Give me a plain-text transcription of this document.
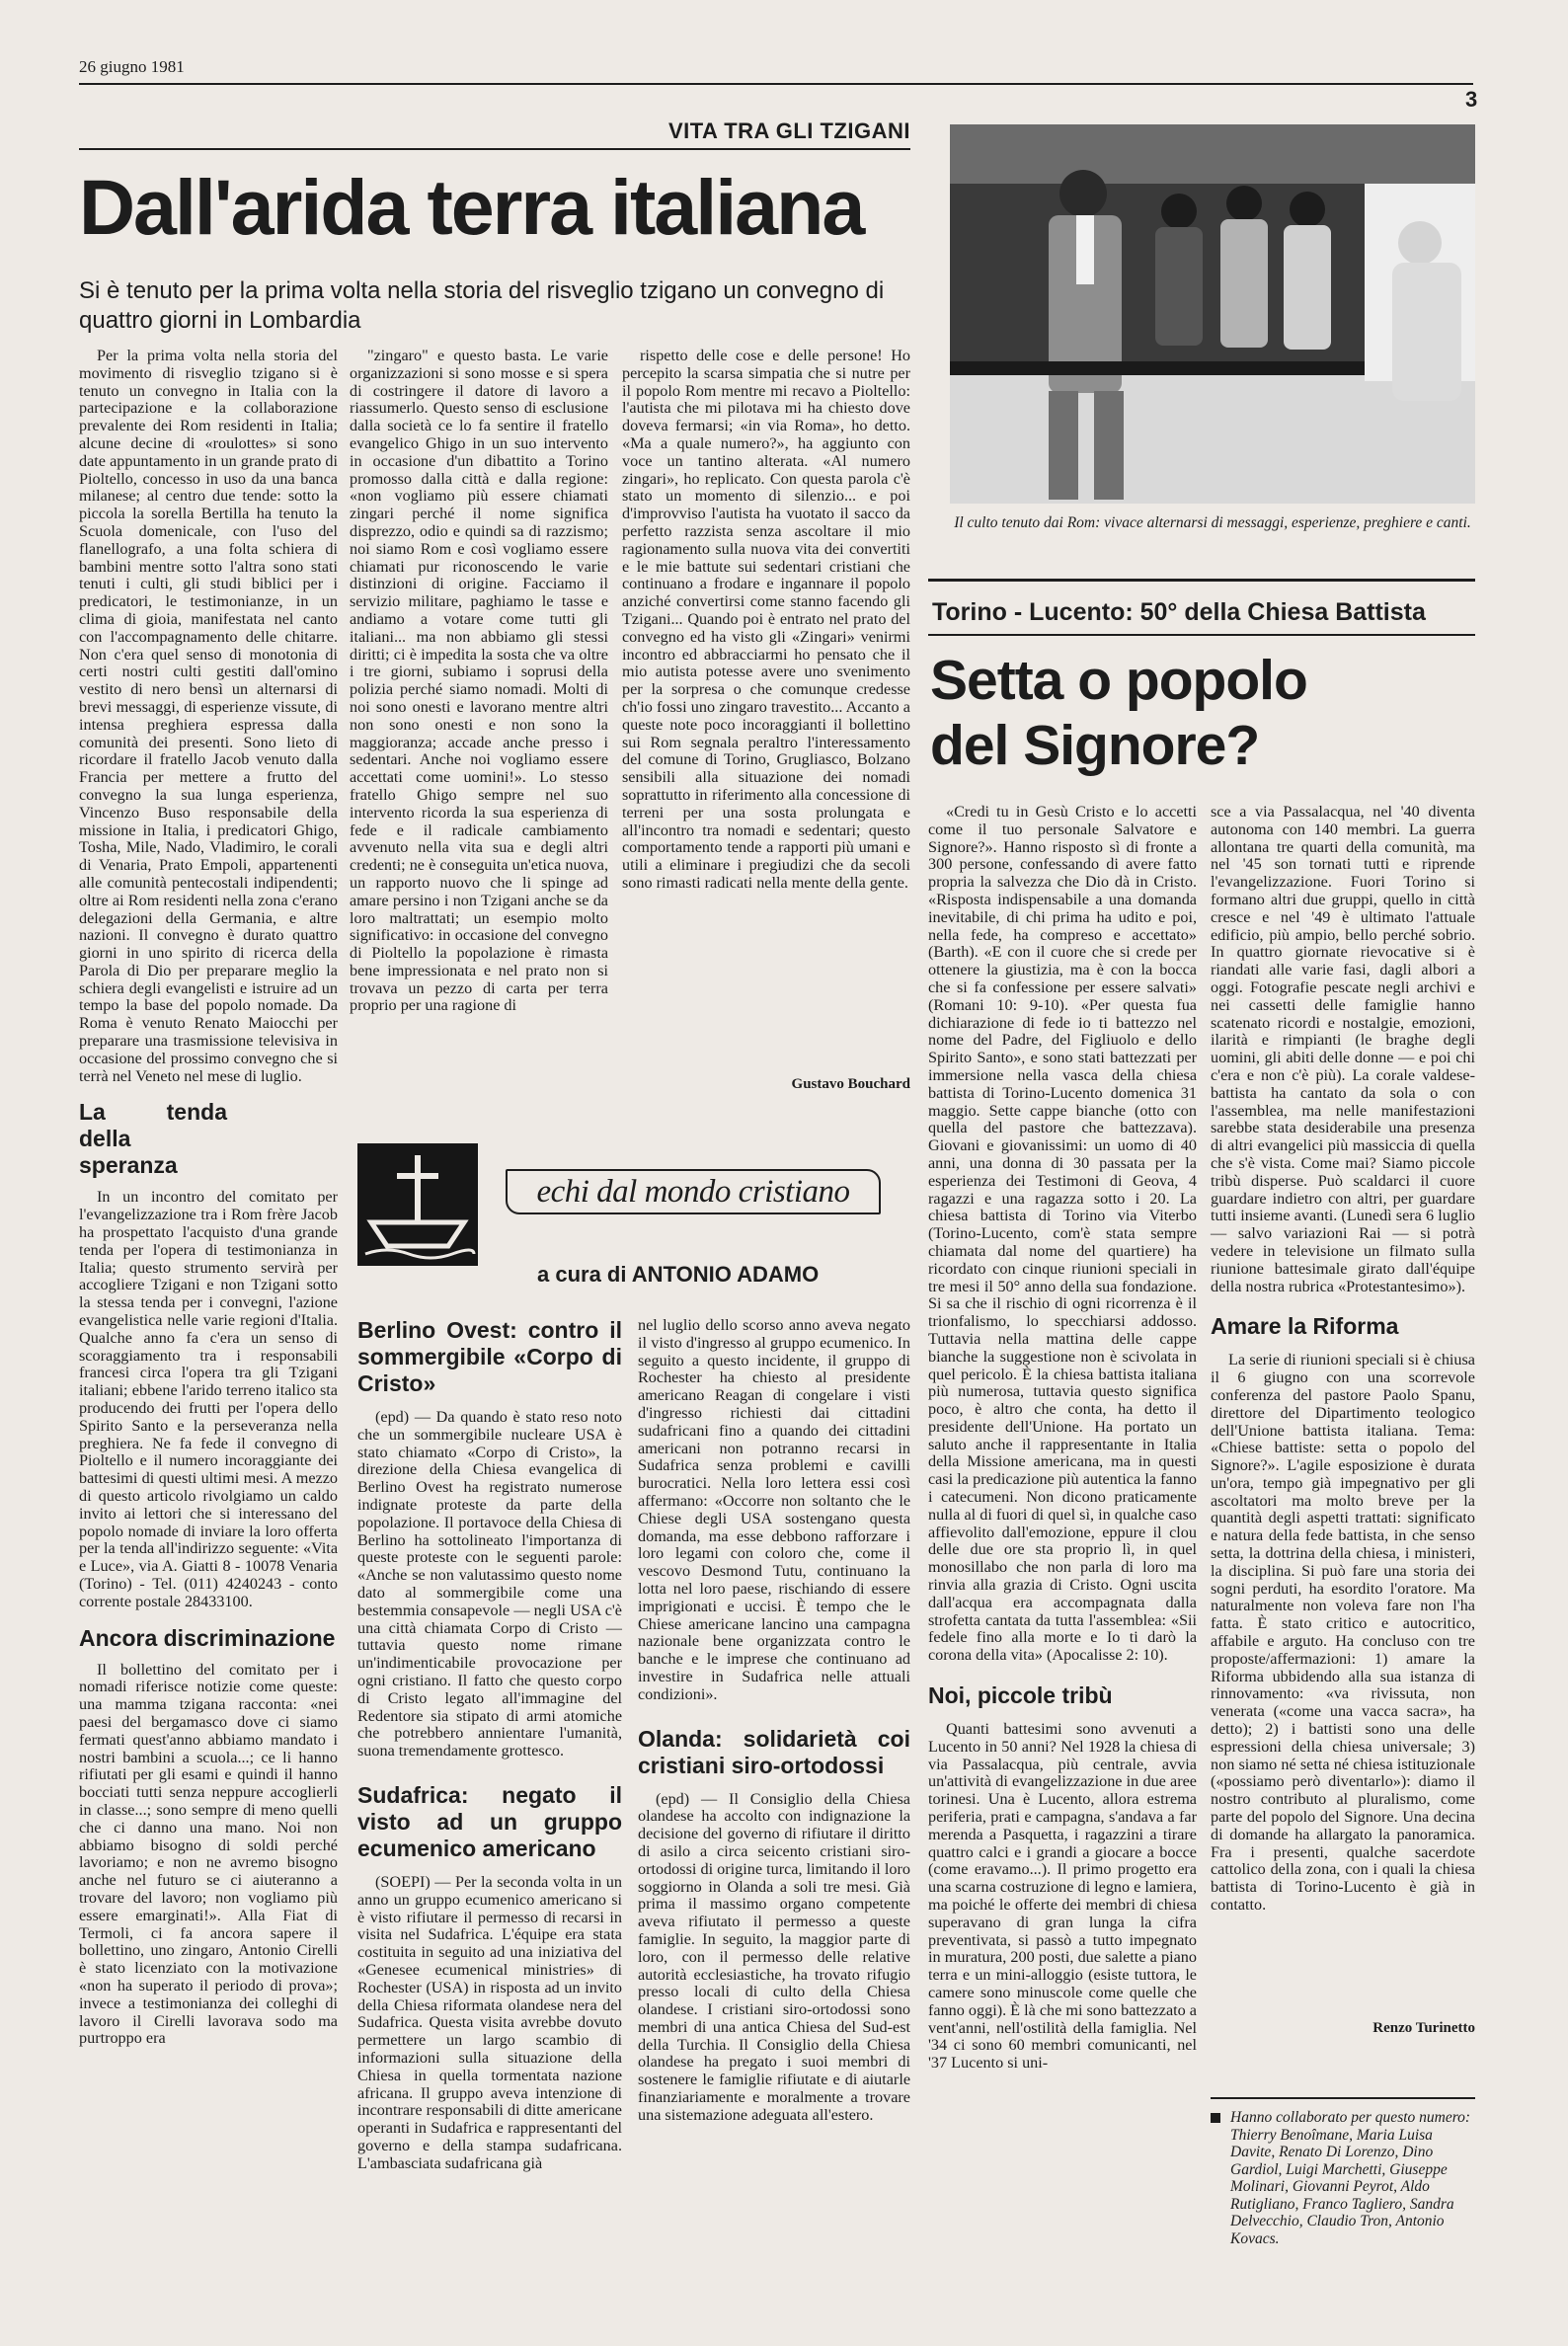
26 giugno 1981
3
VITA TRA GLI TZIGANI
Dall'arida terra italiana
Si è tenuto per la prima volta nella storia del risveglio tzigano un convegno di quattro giorni in Lombardia
Il culto tenuto dai Rom: vivace alternarsi di messaggi, esperienze, preghiere e canti.

Per la prima volta nella storia del movimento di risveglio tzigano si è tenuto un convegno in Italia con la partecipazione e la collaborazione prevalente dei Rom residenti in Italia; alcune decine di «roulottes» si sono date appuntamento in un grande prato di Pioltello, concesso in uso da una banca milanese; al centro due tende: sotto la piccola la sorella Bertilla ha tenuto la Scuola domenicale, con l'uso del flanellografo, a una folta schiera di bambini mentre sotto l'altra sono stati tenuti i culti, gli studi biblici per i predicatori, le testimonianze, in un clima di gioia, manifestata nel canto con l'accompagnamento delle chitarre. Non c'era quel senso di monotonia di certi nostri culti gestiti dall'omino vestito di nero bensì un alternarsi di brevi messaggi, di esperienze vissute, di intensa preghiera espressa dalla comunità dei presenti. Sono lieto di ricordare il fratello Jacob venuto dalla Francia per mettere a frutto del convegno la sua lunga esperienza, Vincenzo Buso responsabile della missione in Italia, i predicatori Ghigo, Tosha, Mile, Nado, Vladimiro, le corali di Venaria, Prato Empoli, appartenenti alle comunità pentecostali indipendenti; oltre ai Rom residenti nella zona c'erano delegazioni della Germania, e altre nazioni. Il convegno è durato quattro giorni in uno spirito di ricerca della Parola di Dio per preparare meglio la schiera degli evangelisti e istruire ad un tempo la base del popolo nomade. Da Roma è venuto Renato Maiocchi per preparare una trasmissione televisiva in occasione del prossimo convegno che si terrà nel Veneto nel mese di luglio.

La tenda della speranza

In un incontro del comitato per l'evangelizzazione tra i Rom frère Jacob ha prospettato l'acquisto d'una grande tenda per l'opera di testimonianza in Italia; questo strumento servirà per accogliere Tzigani e non Tzigani sotto la stessa tenda per i convegni, l'azione evangelistica nelle varie regioni d'Italia. Qualche anno fa c'era un senso di scoraggiamento tra i responsabili francesi circa l'opera tra gli Tzigani italiani; ebbene l'arido terreno italico sta producendo dei frutti per l'opera dello Spirito Santo e la perseveranza nella preghiera. Ne fa fede il convegno di Pioltello e il numero incoraggiante dei battesimi di questi ultimi mesi. A mezzo di questo articolo rivolgiamo un caldo invito ai lettori che si interessano del popolo nomade di inviare la loro offerta per la tenda all'indirizzo seguente: «Vita e Luce», via A. Giatti 8 - 10078 Venaria (Torino) - Tel. (011) 4240243 - conto corrente postale 28433100.

Ancora discriminazione

Il bollettino del comitato per i nomadi riferisce notizie come queste: una mamma tzigana racconta: «nei paesi del bergamasco dove ci siamo fermati quest'anno abbiamo mandato i nostri bambini a scuola...; ce li hanno rifiutati per gli esami e quindi il hanno bocciati tutti senza neppure accoglierli in classe...; sono sempre di meno quelli che ci danno una mano. Noi non abbiamo bisogno di soldi perché lavoriamo; e non ne avremo bisogno anche nel futuro se ci aiuteranno a trovare del lavoro; non vogliamo più essere emarginati!». Alla Fiat di Termoli, ci fa ancora sapere il bollettino, uno zingaro, Antonio Cirelli è stato licenziato con la motivazione «non ha superato il periodo di prova»; invece a testimonianza dei colleghi di lavoro il Cirelli lavorava sodo ma purtroppo era

"zingaro" e questo basta. Le varie organizzazioni si sono mosse e si spera di costringere il datore di lavoro a riassumerlo. Questo senso di esclusione dalla società ce lo fa sentire il fratello evangelico Ghigo in un suo intervento in occasione d'un dibattito a Torino promosso dalla città e dalla regione: «non vogliamo più essere chiamati zingari perché il nome significa disprezzo, odio e quindi sa di razzismo; noi siamo Rom e così vogliamo essere chiamati pur riconoscendo le varie distinzioni di origine. Facciamo il servizio militare, paghiamo le tasse e andiamo a votare come tutti gli italiani... ma non abbiamo gli stessi diritti; ci è impedita la sosta che va oltre i tre giorni, subiamo i soprusi della polizia perché siamo nomadi. Molti di noi sono onesti e lavorano mentre altri non sono onesti e non sono la maggioranza; accade anche presso i sedentari. Anche noi vogliamo essere accettati come uomini!». Lo stesso fratello Ghigo sempre nel suo intervento ricorda la sua esperienza di fede e il radicale cambiamento avvenuto nella vita sua e degli altri credenti; ne è conseguita un'etica nuova, un rapporto nuovo che li spinge ad amare persino i non Tzigani anche se da loro maltrattati; un esempio molto significativo: in occasione del convegno di Pioltello la popolazione è rimasta bene impressionata e nel prato non si trovava un pezzo di carta per terra proprio per una ragione di

rispetto delle cose e delle persone! Ho percepito la scarsa simpatia che si nutre per il popolo Rom mentre mi recavo a Pioltello: l'autista che mi pilotava mi ha chiesto dove doveva fermarsi; «in via Roma», ho detto. «Ma a quale numero?», ha aggiunto con voce un tantino alterata. «Al numero zingari», ho replicato. Con questa parola c'è stato un momento di silenzio... e poi d'improvviso l'autista ha vuotato il sacco da perfetto razzista senza ascoltare il mio ragionamento sulla nuova vita dei convertiti e le mie battute sui sedentari cristiani che continuano a frodare e ingannare il popolo anziché convertirsi come stanno facendo gli Tzigani... Quando poi è entrato nel prato del convegno ed ha visto gli «Zingari» venirmi incontro ed abbracciarmi ho pensato che il mio autista potesse avere uno svenimento per la sorpresa o che comunque credesse ch'io fossi uno zingaro travestito... Accanto a queste note poco incoraggianti il bollettino sui Rom segnala peraltro l'interessamento del comune di Torino, Grugliasco, Bolzano sensibili alla situazione dei nomadi soprattutto in riferimento alla concessione di terreni per una sosta prolungata e all'incontro tra nomadi e sedentari; questo comportamento tende a rapporti più umani e utili a eliminare i pregiudizi che da secoli sono rimasti radicati nella mente della gente.

Gustavo Bouchard
echi dal mondo cristiano
a cura di ANTONIO ADAMO
Berlino Ovest: contro il sommergibile «Corpo di Cristo»

(epd) — Da quando è stato reso noto che un sommergibile nucleare USA è stato chiamato «Corpo di Cristo», la direzione della Chiesa evangelica di Berlino Ovest ha registrato numerose indignate proteste da parte della popolazione. Il portavoce della Chiesa di Berlino ha sottolineato l'importanza di queste proteste con le seguenti parole: «Anche se non valutassimo questo nome dato al sommergibile come una bestemmia consapevole — negli USA c'è una città chiamata Corpo di Cristo — tuttavia questo nome rimane un'indimenticabile provocazione per ogni cristiano. Il fatto che questo corpo di Cristo legato all'immagine del Redentore sia stipato di armi atomiche che potrebbero annientare l'umanità, suona tremendamente grottesco.

Sudafrica: negato il visto ad un gruppo ecumenico americano

(SOEPI) — Per la seconda volta in un anno un gruppo ecumenico americano si è visto rifiutare il permesso di recarsi in visita nel Sudafrica. L'équipe era stata costituita in seguito ad una iniziativa del «Genesee ecumenical ministries» di Rochester (USA) in risposta ad un invito della Chiesa riformata olandese nera del Sudafrica. Questa visita avrebbe dovuto permettere un largo scambio di informazioni sulla situazione della Chiesa in quella tormentata nazione africana. Il gruppo aveva intenzione di incontrare responsabili di ditte americane operanti in Sudafrica e rappresentanti del governo e della stampa sudafricana. L'ambasciata sudafricana già

nel luglio dello scorso anno aveva negato il visto d'ingresso al gruppo ecumenico. In seguito a questo incidente, il gruppo di Rochester ha chiesto al presidente americano Reagan di congelare i visti d'ingresso richiesti dai cittadini sudafricani fino a quando dei cittadini americani non potranno recarsi in Sudafrica senza problemi e cavilli burocratici. Nella loro lettera essi così affermano: «Occorre non soltanto che le Chiese degli USA sostengano questa domanda, ma esse debbono rafforzare i loro legami con coloro che, come il vescovo Desmond Tutu, continuano la lotta nel loro paese, rischiando di essere imprigionati e uccisi. È tempo che le Chiese americane lancino una campagna nazionale bene organizzata contro le banche e le imprese che continuano ad investire in Sudafrica nelle attuali condizioni».

Olanda: solidarietà coi cristiani siro-ortodossi

(epd) — Il Consiglio della Chiesa olandese ha accolto con indignazione la decisione del governo di rifiutare il diritto di asilo a circa seicento cristiani siro-ortodossi di origine turca, limitando il loro soggiorno in Olanda a soli tre mesi. Già prima il massimo organo competente aveva rifiutato il permesso a queste famiglie. In seguito, la maggior parte di loro, con il permesso delle relative autorità ecclesiastiche, ha trovato rifugio presso locali di culto della Chiesa olandese. I cristiani siro-ortodossi sono membri di una antica Chiesa del Sud-est della Turchia. Il Consiglio della Chiesa olandese ha pregato i suoi membri di sostenere le famiglie rifiutate e di aiutarle finanziariamente e moralmente a trovare una sistemazione adeguata all'estero.

Torino - Lucento: 50° della Chiesa Battista
Setta o popolo del Signore?

«Credi tu in Gesù Cristo e lo accetti come il tuo personale Salvatore e Signore?». Hanno risposto sì di fronte a 300 persone, confessando di avere fatto propria la salvezza che Dio dà in Cristo. «Risposta indispensabile a una domanda inevitabile, di chi prima ha udito e poi, nella fede, ha compreso e accettato» (Barth). «E con il cuore che si crede per ottenere la giustizia, ma è con la bocca che si fa confessione per essere salvati» (Romani 10: 9-10). «Per questa fua dichiarazione di fede io ti battezzo nel nome del Padre, del Figliuolo e dello Spirito Santo», e sono stati battezzati per immersione nella vasca della chiesa battista di Torino-Lucento domenica 31 maggio. Sette cappe bianche (otto con quella del pastore che battezzava). Giovani e giovanissimi: un uomo di 40 anni, una donna di 30 passata per la esperienza dei Testimoni di Geova, 4 ragazzi e una ragazza sotto i 20. La chiesa battista di Torino via Viterbo (Torino-Lucento, com'è stata sempre chiamata dal nome del quartiere) ha ricordato con cinque riunioni speciali in tre mesi il 50° anno della sua fondazione. Si sa che il rischio di ogni ricorrenza è il trionfalismo, lo specchiarsi addosso. Tuttavia nella mattina delle cappe bianche la suggestione non è scivolata in quel pericolo. È la chiesa battista italiana più numerosa, tuttavia questo significa poco, è altro che conta, ha detto il presidente dell'Unione. Ha portato un saluto anche il rappresentante in Italia della Missione americana, ma in questi casi la predicazione più autentica la fanno i catecumeni. Non dicono praticamente nulla al di fuori di quel sì, in qualche caso affievolito dall'emozione, eppure il clou delle due ore sta proprio lì, in quel monosillabo che non parla di loro ma rinvia alla grazia di Cristo. Ogni uscita dall'acqua era accompagnata dalla strofetta cantata da tutta l'assemblea: «Sii fedele fino alla morte e Io ti darò la corona della vita» (Apocalisse 2: 10).

Noi, piccole tribù

Quanti battesimi sono avvenuti a Lucento in 50 anni? Nel 1928 la chiesa di via Passalacqua, più centrale, avvia un'attività di evangelizzazione in due aree torinesi. Una è Lucento, allora estrema periferia, prati e campagna, s'andava a far merenda a Pasquetta, i ragazzini a tirare quattro calci e i grandi a giocare a bocce (come eravamo...). Il primo progetto era una scarna costruzione di legno e lamiera, ma poiché le offerte dei membri di chiesa superavano di gran lunga la cifra preventivata, si passò a tutto impegnato in muratura, 200 posti, due salette a piano terra e un mini-alloggio (esiste tuttora, le camere sono minuscole come quelle che fanno oggi). È là che mi sono battezzato a vent'anni, nell'ostilità della famiglia. Nel '34 ci sono 60 membri comunicanti, nel '37 Lucento si uni-

sce a via Passalacqua, nel '40 diventa autonoma con 140 membri. La guerra allontana tre quarti della comunità, ma nel '45 son tornati tutti e riprende l'evangelizzazione. Fuori Torino si formano altri due gruppi, quello in città cresce e nel '49 è ultimato l'attuale edificio, più ampio, bello perché sobrio. In quattro giornate rievocative si è riandati alle varie fasi, dagli albori a oggi. Fotografie pescate negli archivi e nei cassetti delle famiglie hanno scatenato ricordi e nostalgie, emozioni, ilarità e rimpianti (le braghe degli uomini, gli abiti delle donne — e poi chi c'era e non c'è più). La corale valdese-battista ha cantato da sola o con l'assemblea, ma nelle manifestazioni sarebbe stata desiderabile una presenza di altri evangelici più massiccia di quella che s'è vista. Come mai? Siamo piccole tribù disperse. Può scaldarci il cuore guardare indietro con altri, per guardare tutti insieme avanti. (Lunedì sera 6 luglio — salvo variazioni Rai — si potrà vedere in televisione un filmato sulla riunione battesimale girato dall'équipe della nostra rubrica «Protestantesimo»).

Amare la Riforma

La serie di riunioni speciali si è chiusa il 6 giugno con una scorrevole conferenza del pastore Paolo Spanu, direttore del Dipartimento teologico dell'Unione battista italiana. Tema: «Chiese battiste: setta o popolo del Signore?». L'agile esposizione è durata un'ora, tempo già impegnativo per gli ascoltatori ma molto breve per la quantità degli aspetti trattati: significato e natura della fede battista, in che senso setta, la dottrina della chiesa, i ministeri, la disciplina. Si può fare una storia dei sogni perduti, ha esordito l'oratore. Ma naturalmente non voleva fare non l'ha fatta. È stato critico e autocritico, affabile e arguto. Ha concluso con tre proposte/affermazioni: 1) amare la Riforma ubbidendo alla sua istanza di rinnovamento: «va rivissuta, non venerata («come una vacca sacra», ha detto); 2) i battisti sono una delle espressioni della chiesa universale; 3) non siamo né setta né chiesa istituzionale («possiamo però diventarlo»): diamo il nostro contributo al pluralismo, come parte del popolo del Signore. Una decina di domande ha allargato la panoramica. Fra i presenti, qualche sacerdote cattolico della zona, con i quali la chiesa battista di Torino-Lucento è già in contatto.

Renzo Turinetto
Hanno collaborato per questo numero: Thierry Benoîmane, Maria Luisa Davite, Renato Di Lorenzo, Dino Gardiol, Luigi Marchetti, Giuseppe Molinari, Giovanni Peyrot, Aldo Rutigliano, Franco Tagliero, Sandra Delvecchio, Claudio Tron, Antonio Kovacs.
